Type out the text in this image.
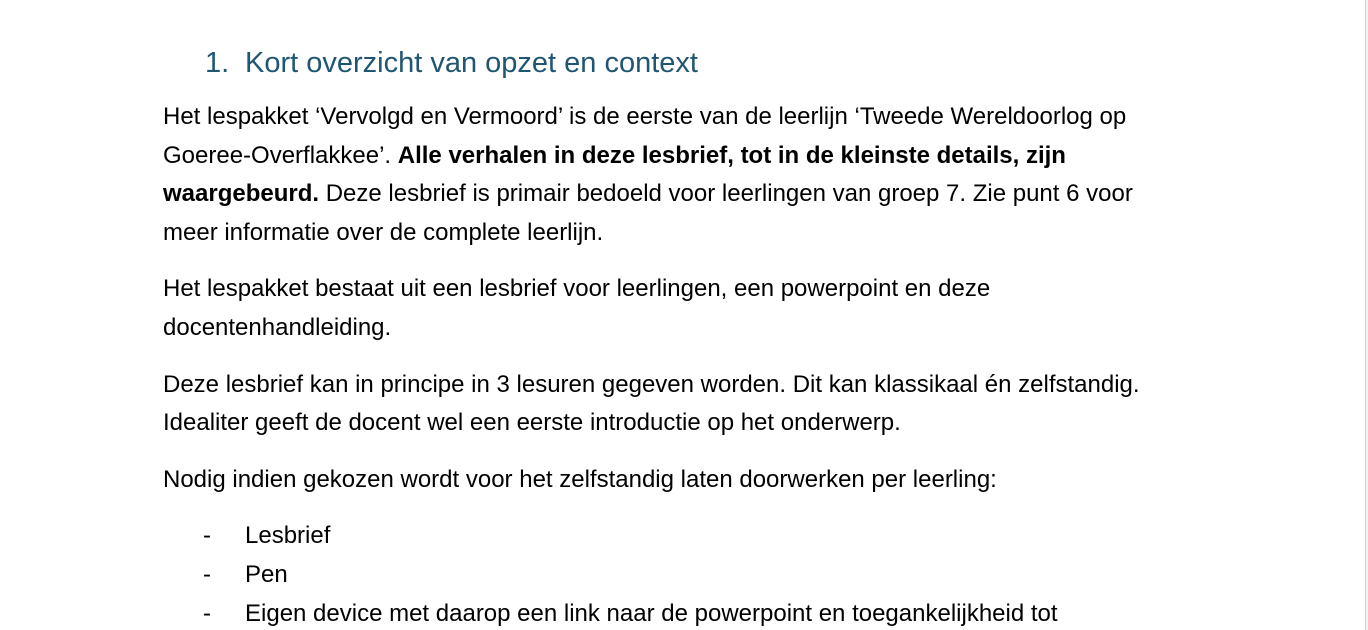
1. Kort overzicht van opzet en context

Het lespakket ‘Vervolgd en Vermoord’ is de eerste van de leerlijn ‘Tweede Wereldoorlog op Goeree-Overflakkee’. Alle verhalen in deze lesbrief, tot in de kleinste details, zijn waargebeurd. Deze lesbrief is primair bedoeld voor leerlingen van groep 7. Zie punt 6 voor meer informatie over de complete leerlijn.

Het lespakket bestaat uit een lesbrief voor leerlingen, een powerpoint en deze docentenhandleiding.

Deze lesbrief kan in principe in 3 lesuren gegeven worden. Dit kan klassikaal én zelfstandig. Idealiter geeft de docent wel een eerste introductie op het onderwerp.

Nodig indien gekozen wordt voor het zelfstandig laten doorwerken per leerling:

- Lesbrief
- Pen
- Eigen device met daarop een link naar de powerpoint en toegankelijkheid tot
